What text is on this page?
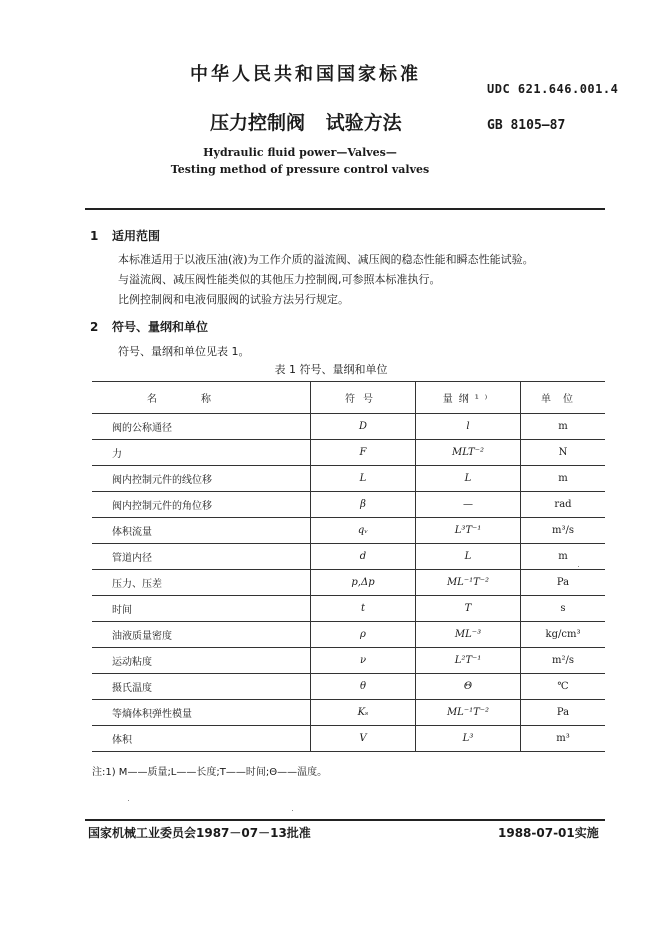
中华人民共和国国家标准
UDC 621.646.001.4
压力控制阀 试验方法	GB 8105—87
Hydraulic fluid power—Valves—
Testing method of pressure control valves
1 适用范围
本标准适用于以液压油(液)为工作介质的溢流阀、减压阀的稳态性能和瞬态性能试验。
与溢流阀、减压阀性能类似的其他压力控制阀,可参照本标准执行。
比例控制阀和电液伺服阀的试验方法另行规定。
2 符号、量纲和单位
符号、量纲和单位见表 1。
表 1 符号、量纲和单位
名称	符号	量纲¹⁾	单位
阀的公称通径	D	l	m
力	F	MLT⁻²	N
阀内控制元件的线位移	L	L	m
阀内控制元件的角位移	β	—	rad
体积流量	qᵥ	L³T⁻¹	m³/s
管道内径	d	L	m
压力、压差	p,Δp	ML⁻¹T⁻²	Pa
时间	t	T	s
油液质量密度	ρ	ML⁻³	kg/cm³
运动粘度	ν	L²T⁻¹	m²/s
摄氏温度	θ	Θ	℃
等熵体积弹性模量	Kₛ	ML⁻¹T⁻²	Pa
体积	V	L³	m³
注:1) M——质量;L——长度;T——时间;Θ——温度。
国家机械工业委员会1987－07－13批准	1988-07-01实施
